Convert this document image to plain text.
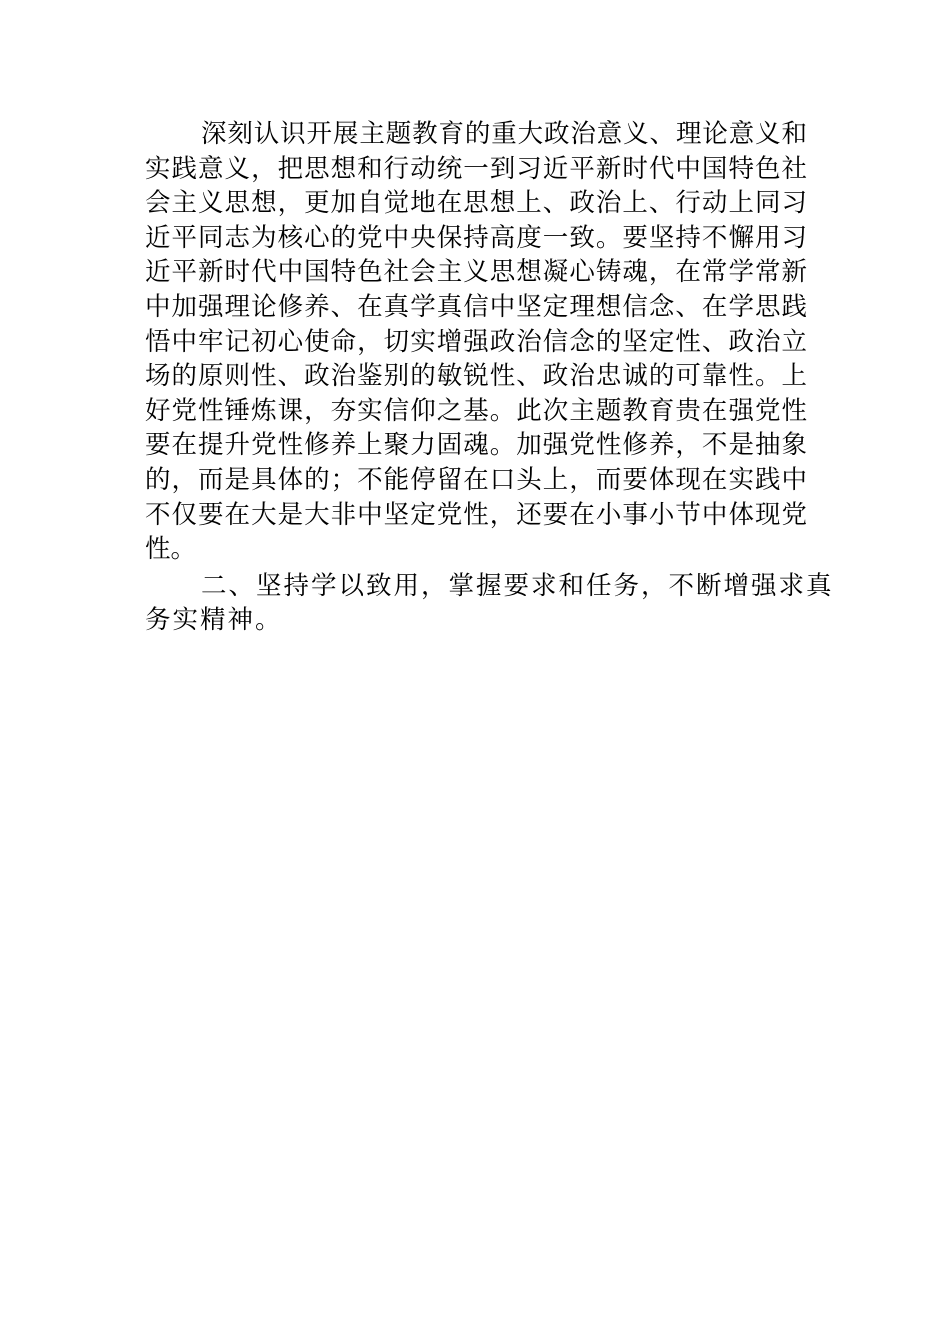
深刻认识开展主题教育的重大政治意义、理论意义和
实践意义，把思想和行动统一到习近平新时代中国特色社
会主义思想，更加自觉地在思想上、政治上、行动上同习
近平同志为核心的党中央保持高度一致。要坚持不懈用习
近平新时代中国特色社会主义思想凝心铸魂，在常学常新
中加强理论修养、在真学真信中坚定理想信念、在学思践
悟中牢记初心使命，切实增强政治信念的坚定性、政治立
场的原则性、政治鉴别的敏锐性、政治忠诚的可靠性。上
好党性锤炼课，夯实信仰之基。此次主题教育贵在强党性
要在提升党性修养上聚力固魂。加强党性修养，不是抽象
的，而是具体的；不能停留在口头上，而要体现在实践中
不仅要在大是大非中坚定党性，还要在小事小节中体现党
性。
二、坚持学以致用，掌握要求和任务，不断增强求真
务实精神。
